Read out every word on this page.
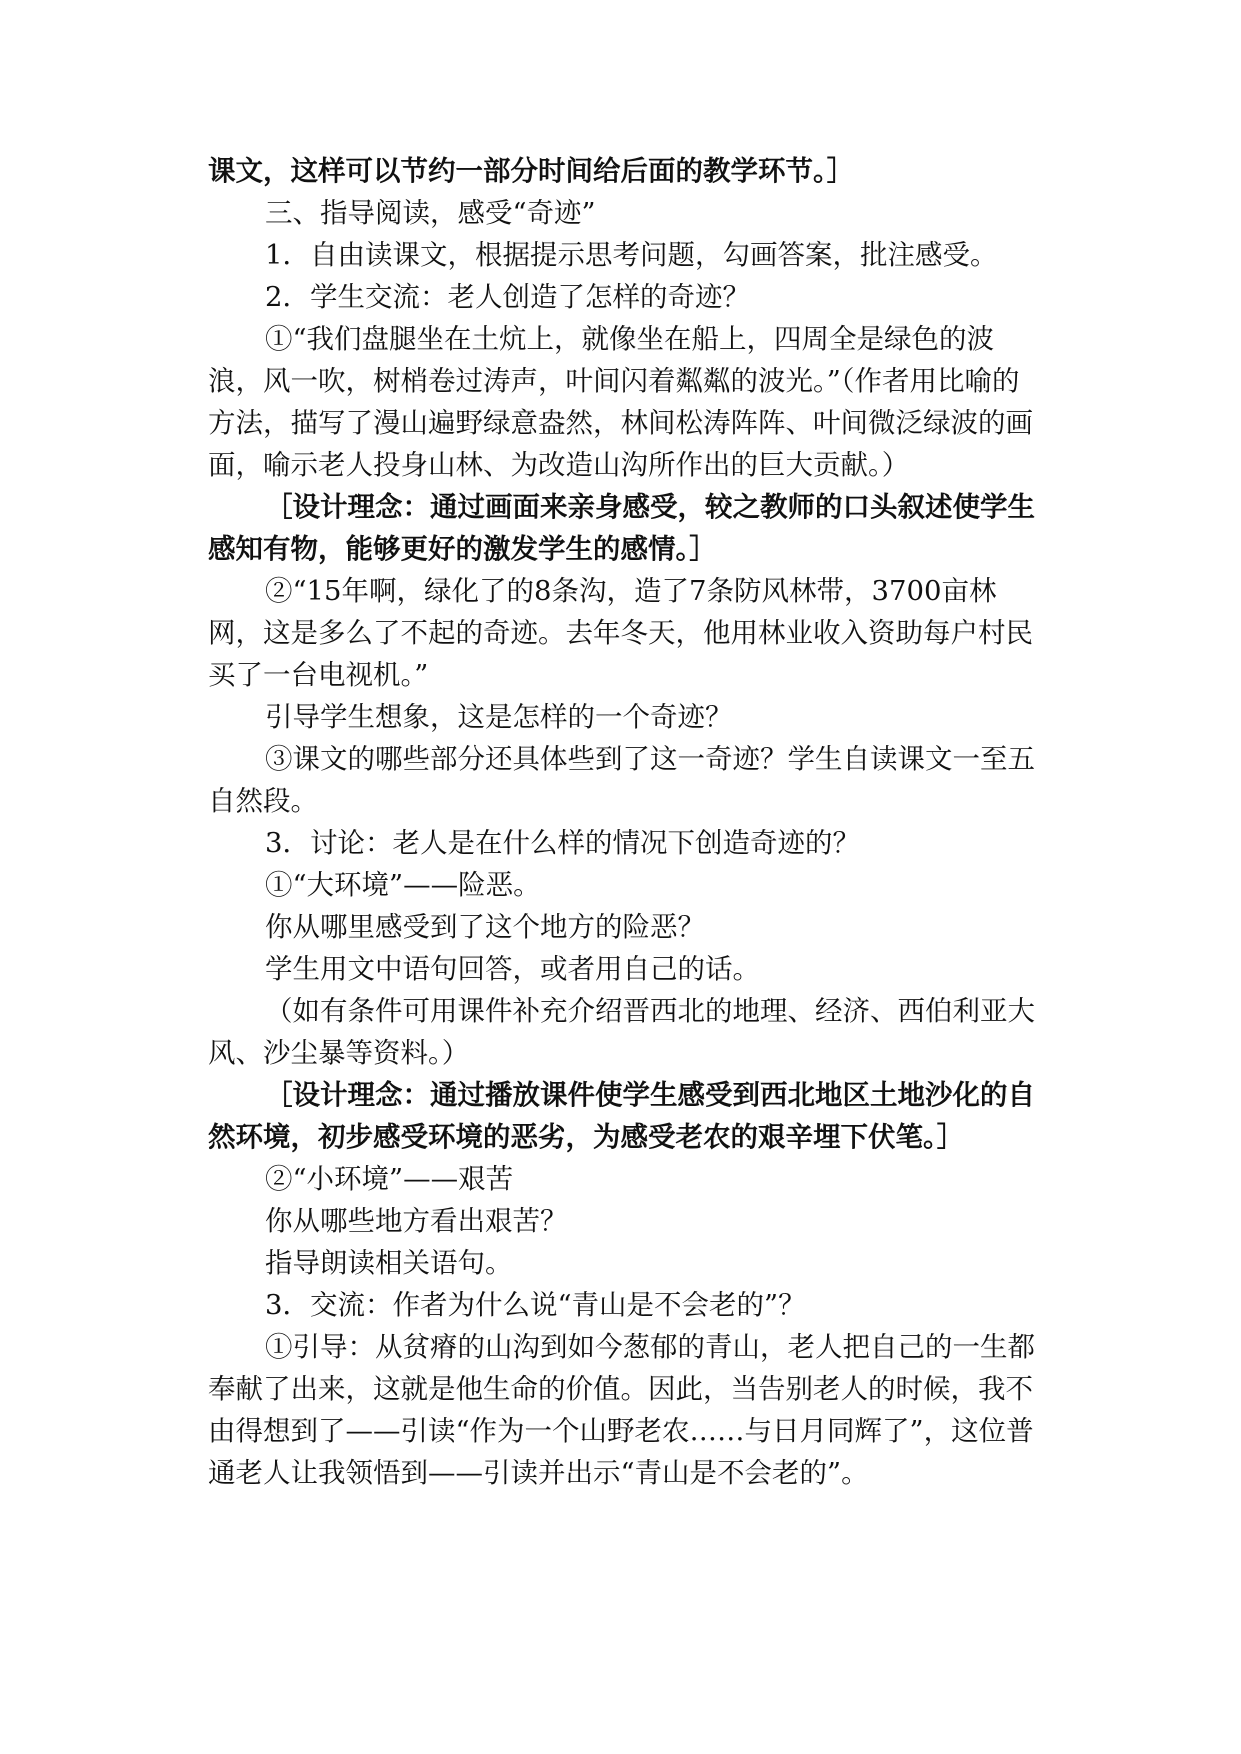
课文，这样可以节约一部分时间给后面的教学环节。］

三、指导阅读，感受“奇迹”

1．自由读课文，根据提示思考问题，勾画答案，批注感受。

2．学生交流：老人创造了怎样的奇迹？

①“我们盘腿坐在土炕上，就像坐在船上，四周全是绿色的波浪，风一吹，树梢卷过涛声，叶间闪着粼粼的波光。”（作者用比喻的方法，描写了漫山遍野绿意盎然，林间松涛阵阵、叶间微泛绿波的画面，喻示老人投身山林、为改造山沟所作出的巨大贡献。）

［设计理念：通过画面来亲身感受，较之教师的口头叙述使学生感知有物，能够更好的激发学生的感情。］

②“15年啊，绿化了的8条沟，造了7条防风林带，3700亩林网，这是多么了不起的奇迹。去年冬天，他用林业收入资助每户村民买了一台电视机。”

引导学生想象，这是怎样的一个奇迹？

③课文的哪些部分还具体些到了这一奇迹？学生自读课文一至五自然段。

3．讨论：老人是在什么样的情况下创造奇迹的？

①“大环境”——险恶。

你从哪里感受到了这个地方的险恶？

学生用文中语句回答，或者用自己的话。

（如有条件可用课件补充介绍晋西北的地理、经济、西伯利亚大风、沙尘暴等资料。）

［设计理念：通过播放课件使学生感受到西北地区土地沙化的自然环境，初步感受环境的恶劣，为感受老农的艰辛埋下伏笔。］

②“小环境”——艰苦

你从哪些地方看出艰苦？

指导朗读相关语句。

3．交流：作者为什么说“青山是不会老的”？

①引导：从贫瘠的山沟到如今葱郁的青山，老人把自己的一生都奉献了出来，这就是他生命的价值。因此，当告别老人的时候，我不由得想到了——引读“作为一个山野老农……与日月同辉了”，这位普通老人让我领悟到——引读并出示“青山是不会老的”。
